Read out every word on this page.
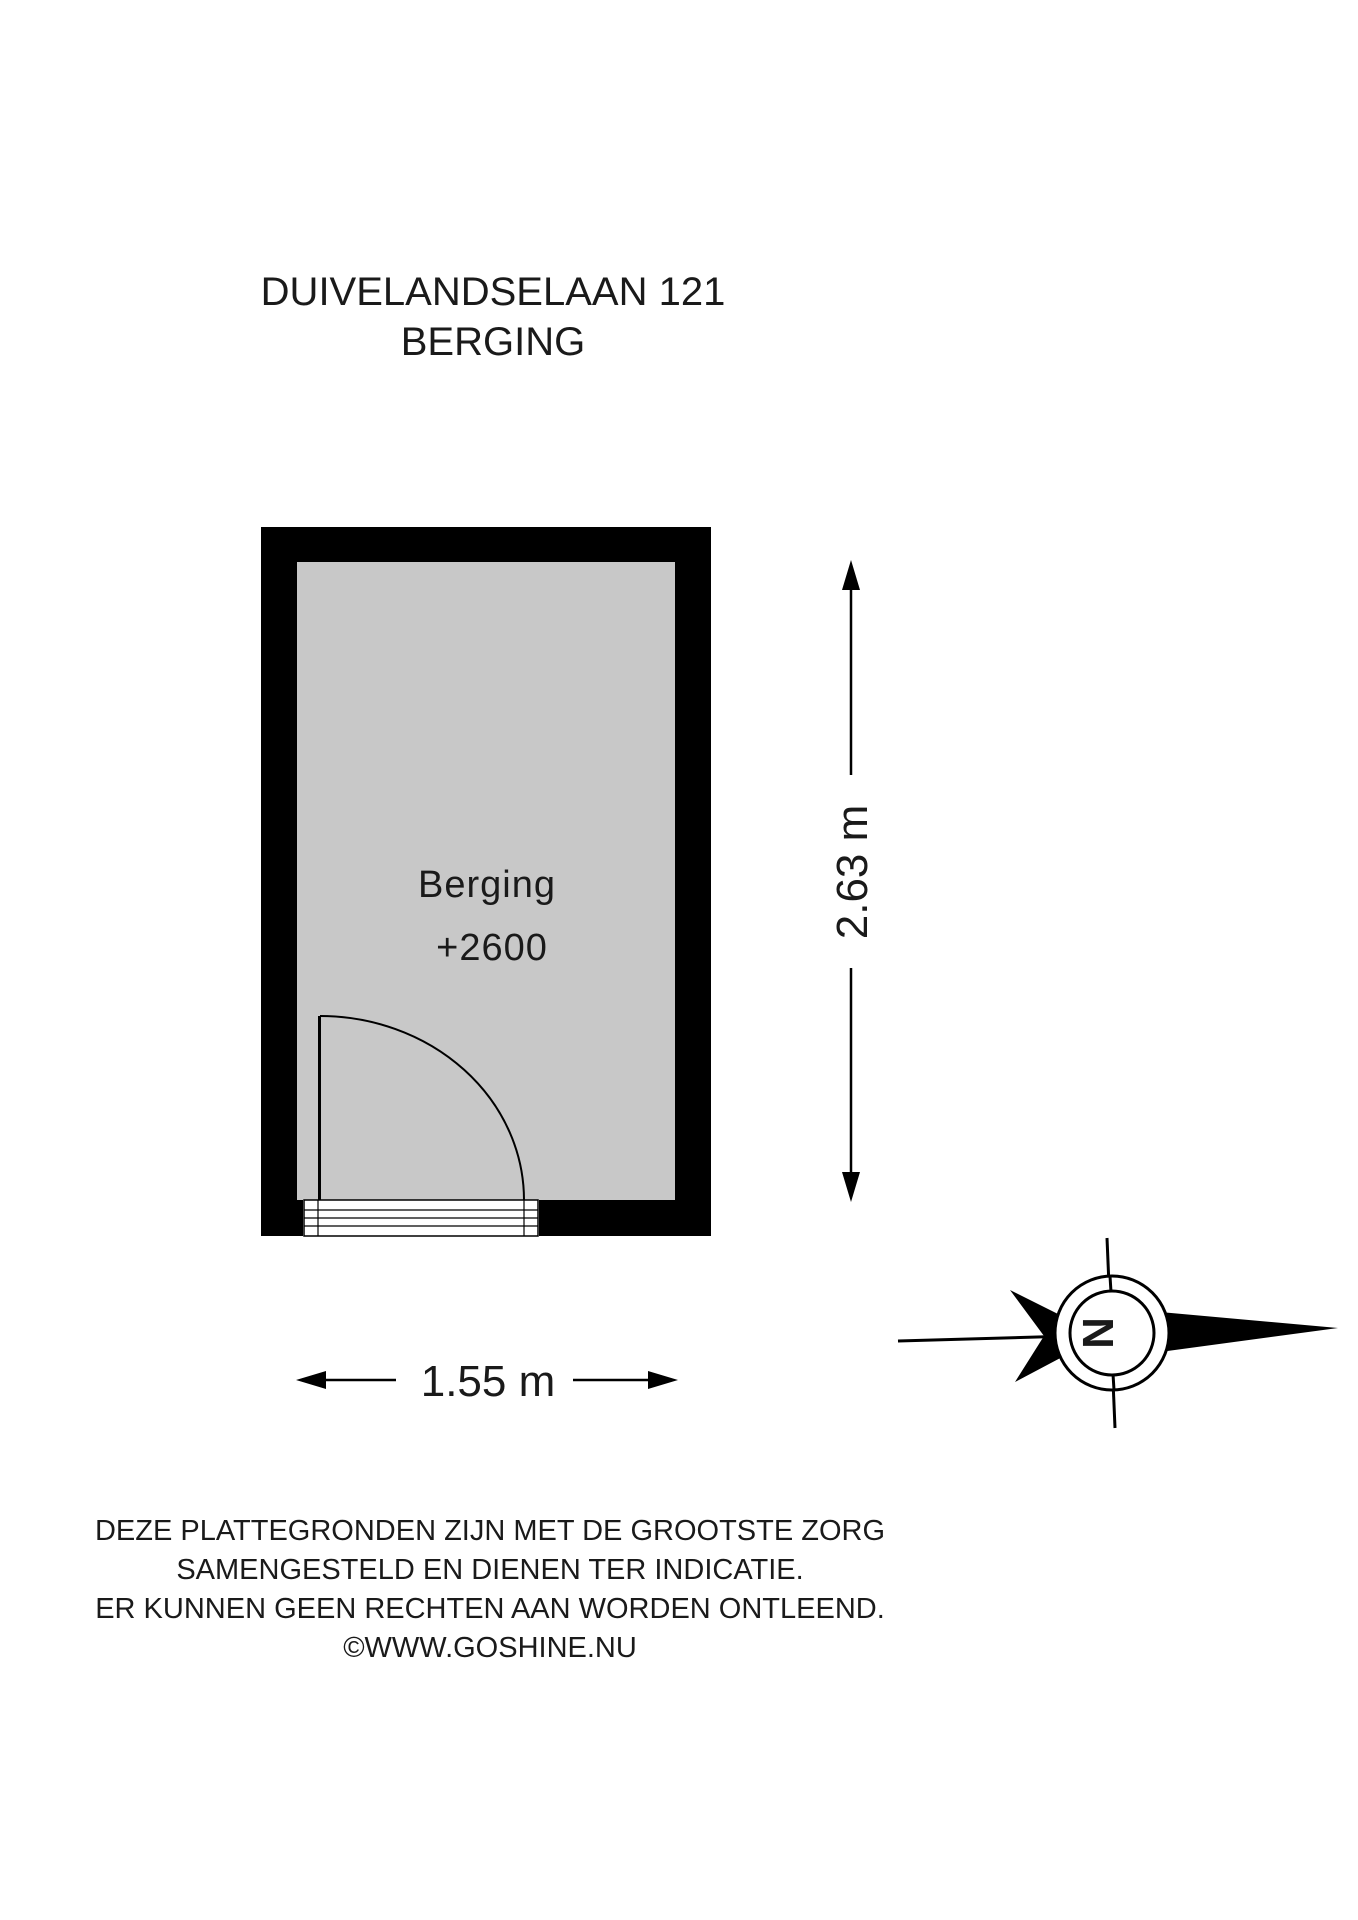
DUIVELANDSELAAN 121
BERGING
Berging
+2600
2.63 m
1.55 m
N
DEZE PLATTEGRONDEN ZIJN MET DE GROOTSTE ZORG
SAMENGESTELD EN DIENEN TER INDICATIE.
ER KUNNEN GEEN RECHTEN AAN WORDEN ONTLEEND.
©WWW.GOSHINE.NU
